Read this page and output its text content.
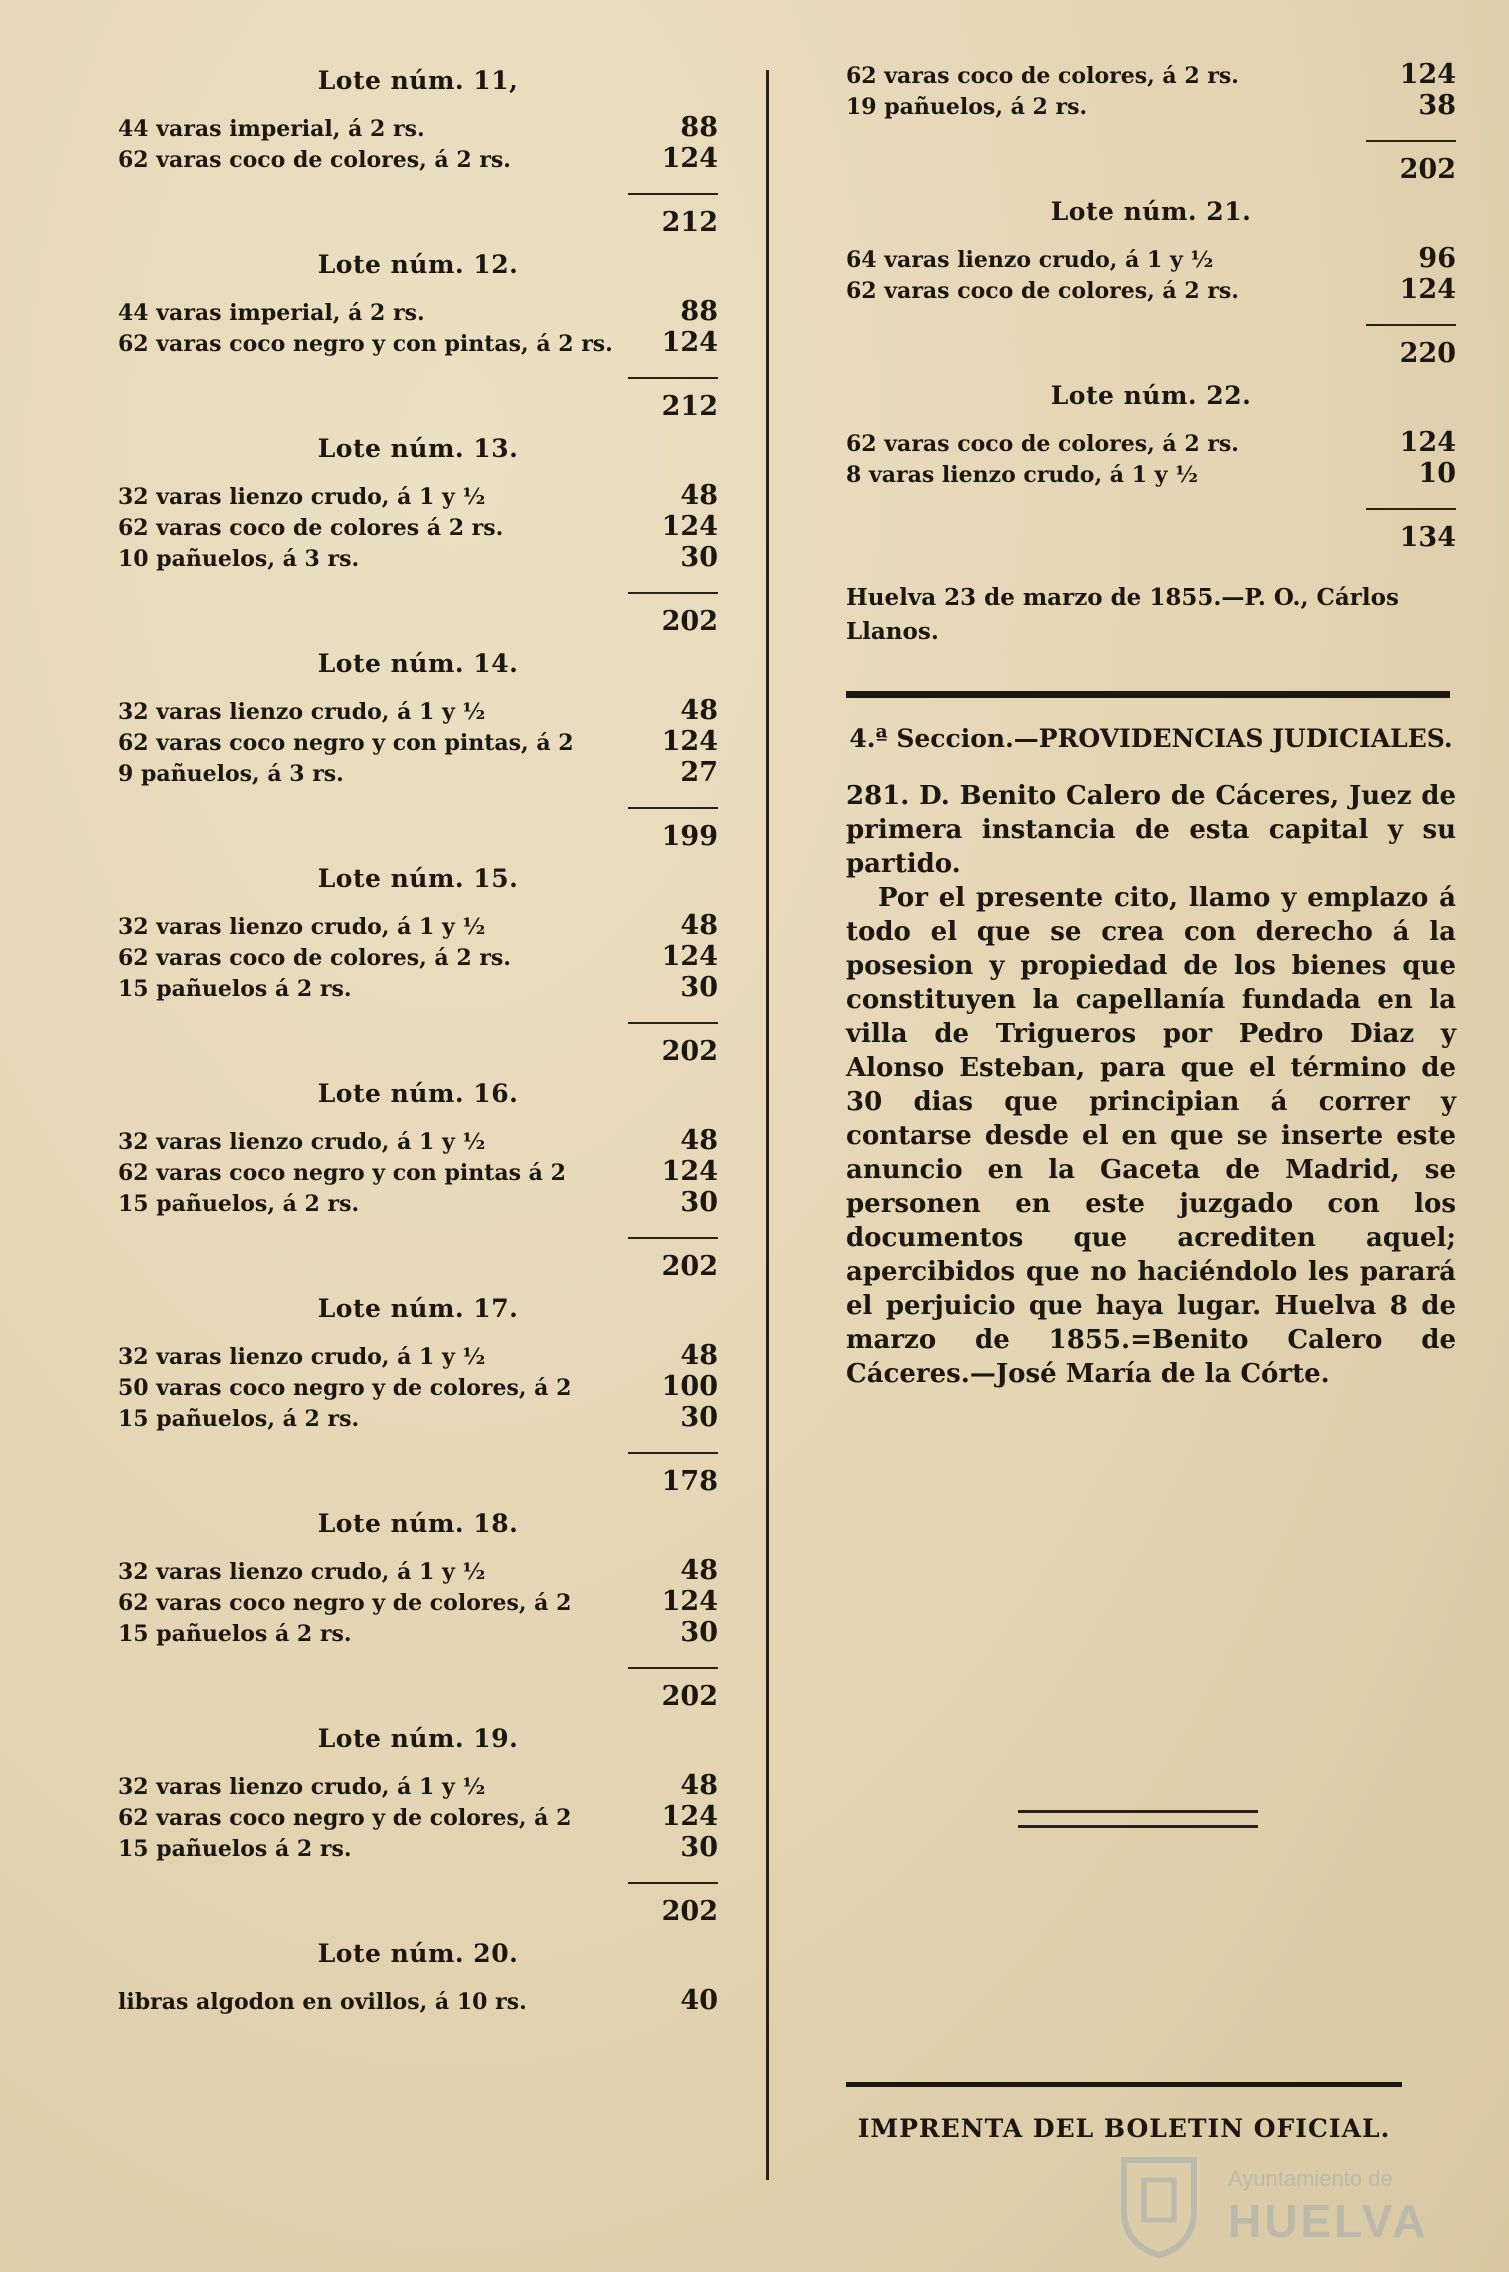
Lote núm. 11,
44 varas imperial, á 2 rs.	88
62 varas coco de colores, á 2 rs.	124
212
Lote núm. 12.
44 varas imperial, á 2 rs.	88
62 varas coco negro y con pintas, á 2 rs.	124
212
Lote núm. 13.
32 varas lienzo crudo, á 1 y ½	48
62 varas coco de colores á 2 rs.	124
10 pañuelos, á 3 rs.	30
202
Lote núm. 14.
32 varas lienzo crudo, á 1 y ½	48
62 varas coco negro y con pintas, á 2	124
9 pañuelos, á 3 rs.	27
199
Lote núm. 15.
32 varas lienzo crudo, á 1 y ½	48
62 varas coco de colores, á 2 rs.	124
15 pañuelos á 2 rs.	30
202
Lote núm. 16.
32 varas lienzo crudo, á 1 y ½	48
62 varas coco negro y con pintas á 2	124
15 pañuelos, á 2 rs.	30
202
Lote núm. 17.
32 varas lienzo crudo, á 1 y ½	48
50 varas coco negro y de colores, á 2	100
15 pañuelos, á 2 rs.	30
178
Lote núm. 18.
32 varas lienzo crudo, á 1 y ½	48
62 varas coco negro y de colores, á 2	124
15 pañuelos á 2 rs.	30
202
Lote núm. 19.
32 varas lienzo crudo, á 1 y ½	48
62 varas coco negro y de colores, á 2	124
15 pañuelos á 2 rs.	30
202
Lote núm. 20.
libras algodon en ovillos, á 10 rs.	40
62 varas coco de colores, á 2 rs.	124
19 pañuelos, á 2 rs.	38
202
Lote núm. 21.
64 varas lienzo crudo, á 1 y ½	96
62 varas coco de colores, á 2 rs.	124
220
Lote núm. 22.
62 varas coco de colores, á 2 rs.	124
8 varas lienzo crudo, á 1 y ½	10
134
Huelva 23 de marzo de 1855.—P. O., Cárlos Llanos.
4.ª Seccion.—PROVIDENCIAS JUDICIALES.

281. D. Benito Calero de Cáceres, Juez de primera instancia de esta capital y su partido.

Por el presente cito, llamo y emplazo á todo el que se crea con derecho á la posesion y propiedad de los bienes que constituyen la capellanía fundada en la villa de Trigueros por Pedro Diaz y Alonso Esteban, para que el término de 30 dias que principian á correr y contarse desde el en que se inserte este anuncio en la Gaceta de Madrid, se personen en este juzgado con los documentos que acrediten aquel; apercibidos que no haciéndolo les parará el perjuicio que haya lugar. Huelva 8 de marzo de 1855.=Benito Calero de Cáceres.—José María de la Córte.

IMPRENTA DEL BOLETIN OFICIAL.
Ayuntamiento de
HUELVA
